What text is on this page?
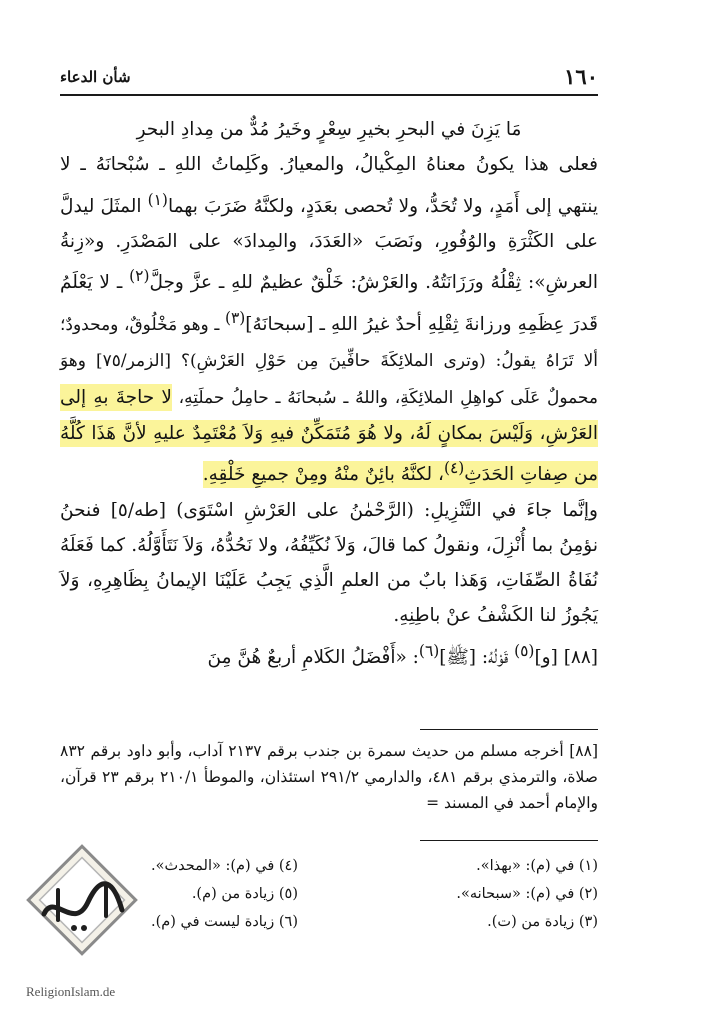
١٦٠
شأن الدعاء

مَا يَزِنَ في البحرِ بخيرِ سِعْرٍ وخَيرُ مُدٌّ من مِدادِ البحرِ

فعلى هذا يكونُ معناهُ المِكْيالُ، والمعيارُ. وكَلِماتُ اللهِ ـ سُبْحانَهُ ـ لا ينتهي إلى أَمَدٍ، ولا تُحَدُّ، ولا تُحصى بعَدَدٍ، ولكنَّهُ ضَرَبَ بهما$^{(١)}$ المثَلَ ليدلَّ على الكَثْرَةِ والوُفُورِ، ونَصَبَ «العَدَدَ، والمِدادَ» على المَصْدَرِ. و«زِنةُ العرشِ»: ثِقْلُهُ ورَزَانَتُهُ. والعَرْشُ: خَلْقٌ عظيمٌ للهِ ـ عزَّ وجلَّ$^{(٢)}$ ـ لا يَعْلَمُ قَدرَ عِظَمِهِ ورزانةَ ثِقْلِهِ أحدٌ غيرُ اللهِ ـ [سبحانَهُ]$^{(٣)}$ ـ وهو مَخْلُوقٌ، ومحدودٌ؛ ألا تَرَاهُ يقولُ: (وترى الملائِكَةَ حافِّينَ مِن حَوْلِ العَرْشِ)؟ [الزمر/٧٥] وهوَ محمولٌ عَلَى كواهِلِ الملائِكَةِ، واللهُ ـ سُبحانَهُ ـ حامِلُ حملَتِهِ، لا حاجةَ بهِ إلى العَرْشِ، وَلَيْسَ بمكانٍ لَهُ، ولا هُوَ مُتَمَكِّنٌ فيهِ وَلاَ مُعْتَمِدٌ عليهِ لأنَّ هَذَا كُلَّهُ من صِفاتِ الحَدَثِ$^{(٤)}$، لكنَّهُ بائِنٌ منْهُ ومِنْ جميعِ خَلْقِهِ.

وإنَّما جاءَ في التَّنْزِيلِ: (الرَّحْمٰنُ على العَرْشِ اسْتَوَى) [طه/٥] فنحنُ نؤمِنُ بما أُنْزِلَ، ونقولُ كما قالَ، وَلاَ نُكَيِّفُهُ، ولا نَحُدُّهُ، وَلاَ نَتَأَوَّلُهُ. كما فَعَلَهُ نُفَاةُ الصِّفَاتِ، وَهَذا بابٌ من العلمِ الَّذِي يَجِبُ عَلَيْنَا الإيمانُ بِظَاهِرِهِ، وَلاَ يَجُوزُ لنا الكَشْفُ عنْ باطِنِهِ.

[٨٨] [و]$^{(٥)}$ قَوْلُهُ: [ﷺ]$^{(٦)}$: «أَفْضَلُ الكَلامِ أربعٌ هُنَّ مِنَ

[٨٨] أخرجه مسلم من حديث سمرة بن جندب برقم ٢١٣٧ آداب، وأبو داود برقم ٨٣٢ صلاة، والترمذي برقم ٤٨١، والدارمي ٢٩١/٢ استئذان، والموطأ ٢١٠/١ برقم ٢٣ قرآن، والإمام أحمد في المسند =

(١) في (م): «بهذا».
(٢) في (م): «سبحانه».
(٣) زيادة من (ت).
(٤) في (م): «المحدث».
(٥) زيادة من (م).
(٦) زيادة ليست في (م).
ReligionIslam.de
